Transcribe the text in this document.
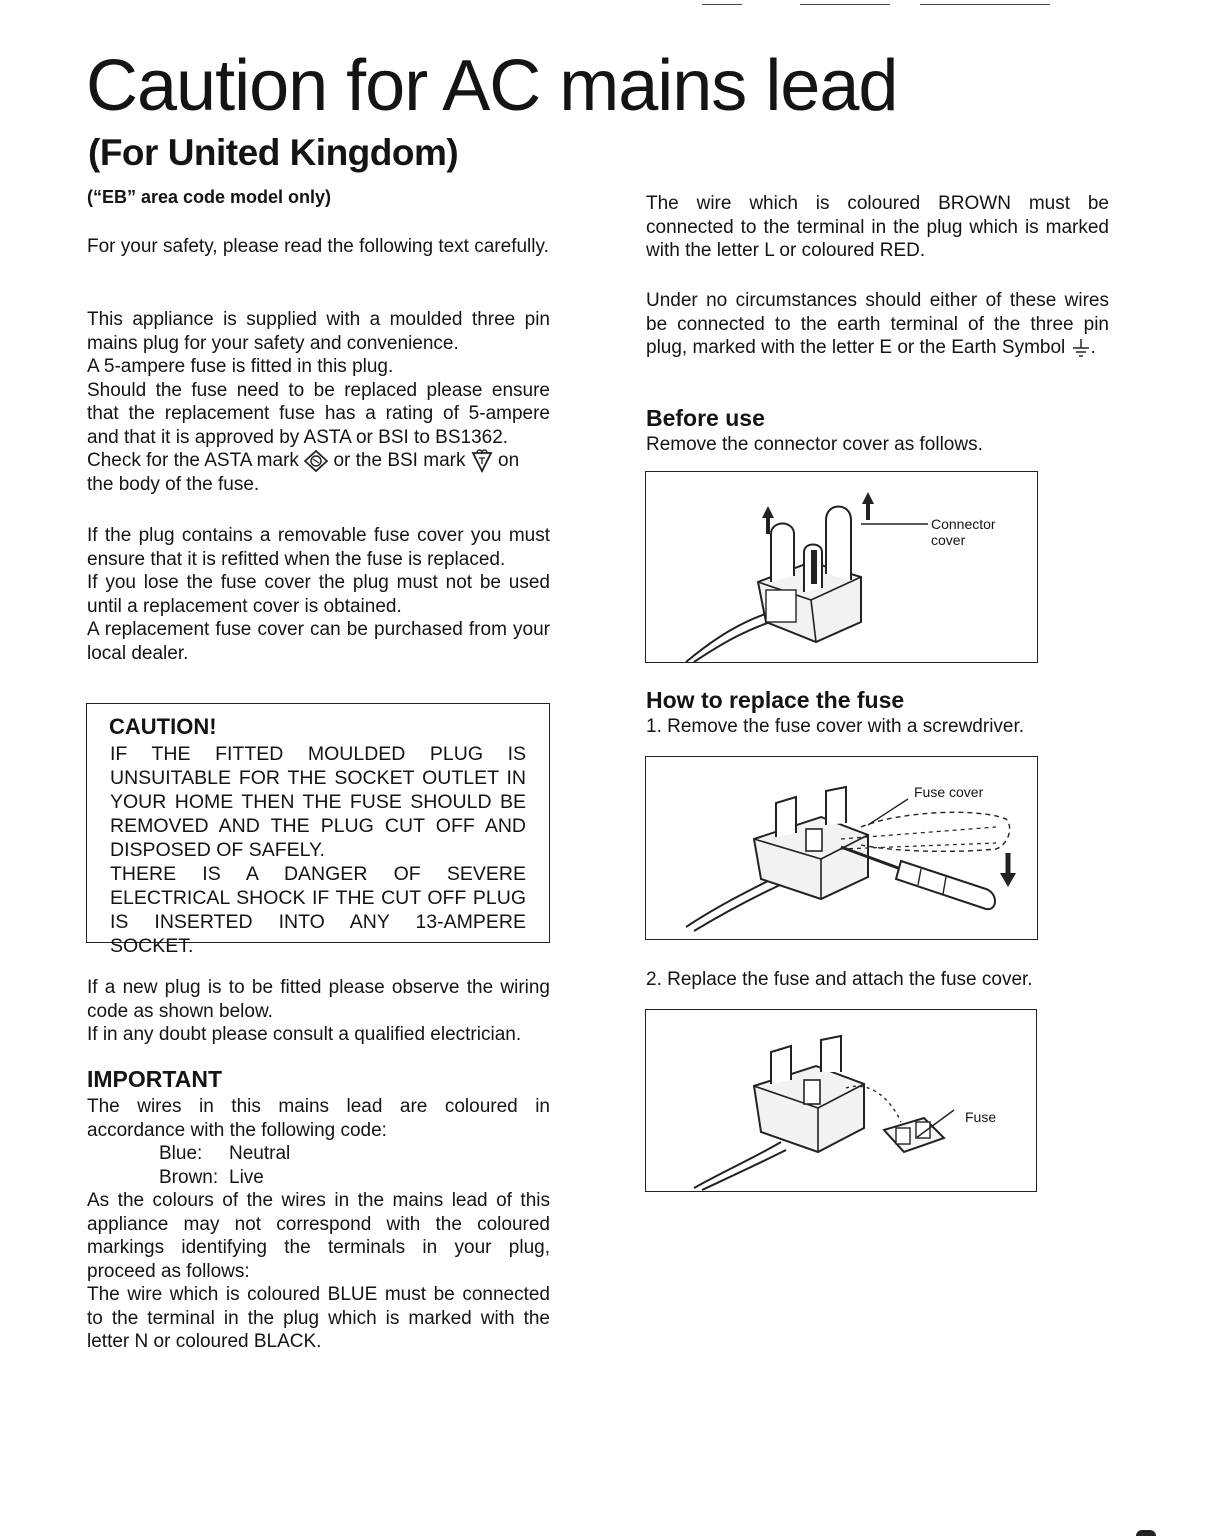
Caution for AC mains lead
(For United Kingdom)

(“EB” area code model only)

For your safety, please read the following text carefully.

This appliance is supplied with a moulded three pin mains plug for your safety and convenience.

A 5-ampere fuse is fitted in this plug.

Should the fuse need to be replaced please ensure that the replacement fuse has a rating of 5-ampere and that it is approved by ASTA or BSI to BS1362.

Check for the ASTA mark or the BSI mark on the body of the fuse.

If the plug contains a removable fuse cover you must ensure that it is refitted when the fuse is replaced.

If you lose the fuse cover the plug must not be used until a replacement cover is obtained.

A replacement fuse cover can be purchased from your local dealer.

CAUTION!

IF THE FITTED MOULDED PLUG IS UNSUITABLE FOR THE SOCKET OUTLET IN YOUR HOME THEN THE FUSE SHOULD BE REMOVED AND THE PLUG CUT OFF AND DISPOSED OF SAFELY.

THERE IS A DANGER OF SEVERE ELECTRICAL SHOCK IF THE CUT OFF PLUG IS INSERTED INTO ANY 13-AMPERE SOCKET.

If a new plug is to be fitted please observe the wiring code as shown below.

If in any doubt please consult a qualified electrician.

IMPORTANT

The wires in this mains lead are coloured in accordance with the following code:

Blue: Neutral

Brown: Live

As the colours of the wires in the mains lead of this appliance may not correspond with the coloured markings identifying the terminals in your plug, proceed as follows:

The wire which is coloured BLUE must be connected to the terminal in the plug which is marked with the letter N or coloured BLACK.

The wire which is coloured BROWN must be connected to the terminal in the plug which is marked with the letter L or coloured RED.

Under no circumstances should either of these wires be connected to the earth terminal of the three pin plug, marked with the letter E or the Earth Symbol .

Before use

Remove the connector cover as follows.

Connector
cover
How to replace the fuse

1. Remove the fuse cover with a screwdriver.

Fuse cover

2. Replace the fuse and attach the fuse cover.

Fuse
